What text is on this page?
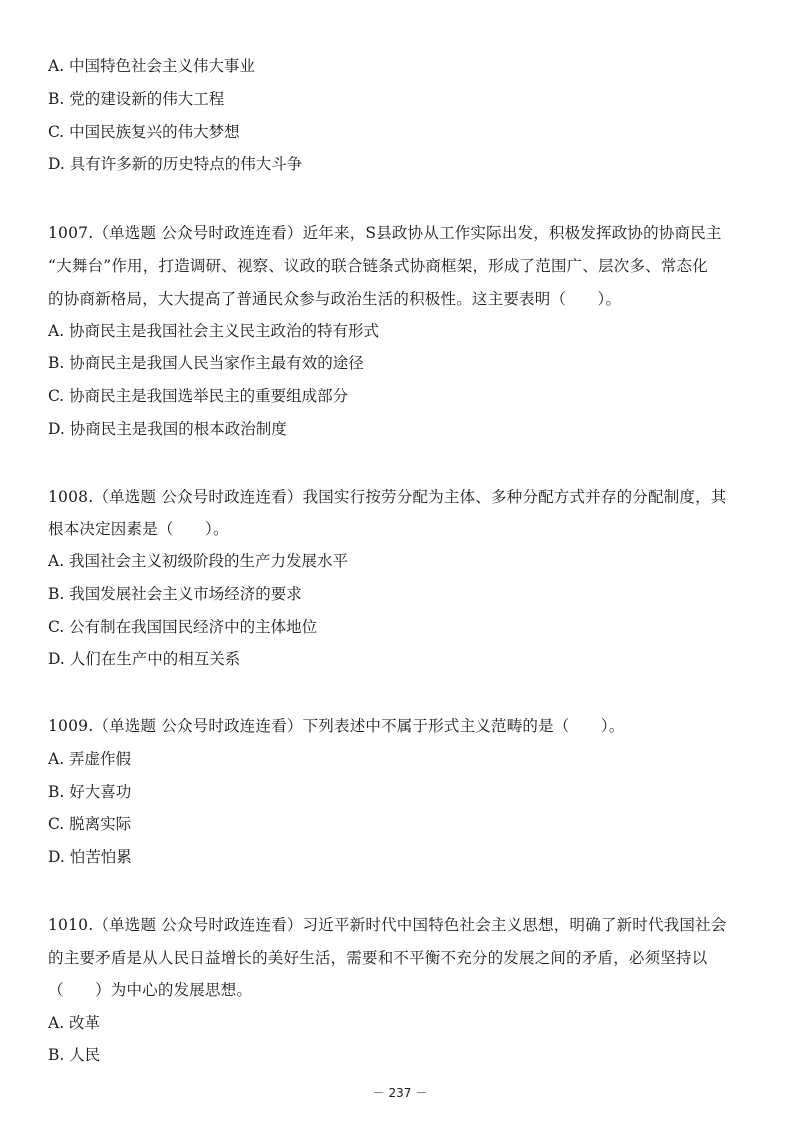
A. 中国特色社会主义伟大事业
B. 党的建设新的伟大工程
C. 中国民族复兴的伟大梦想
D. 具有许多新的历史特点的伟大斗争
1007.（单选题 公众号时政连连看）近年来，S县政协从工作实际出发，积极发挥政协的协商民主
“大舞台”作用，打造调研、视察、议政的联合链条式协商框架，形成了范围广、层次多、常态化
的协商新格局，大大提高了普通民众参与政治生活的积极性。这主要表明（　　）。
A. 协商民主是我国社会主义民主政治的特有形式
B. 协商民主是我国人民当家作主最有效的途径
C. 协商民主是我国选举民主的重要组成部分
D. 协商民主是我国的根本政治制度
1008.（单选题 公众号时政连连看）我国实行按劳分配为主体、多种分配方式并存的分配制度，其
根本决定因素是（　　）。
A. 我国社会主义初级阶段的生产力发展水平
B. 我国发展社会主义市场经济的要求
C. 公有制在我国国民经济中的主体地位
D. 人们在生产中的相互关系
1009.（单选题 公众号时政连连看）下列表述中不属于形式主义范畴的是（　　）。
A. 弄虚作假
B. 好大喜功
C. 脱离实际
D. 怕苦怕累
1010.（单选题 公众号时政连连看）习近平新时代中国特色社会主义思想，明确了新时代我国社会
的主要矛盾是从人民日益增长的美好生活，需要和不平衡不充分的发展之间的矛盾，必须坚持以
（　　）为中心的发展思想。
A. 改革
B. 人民
－ 237 －
